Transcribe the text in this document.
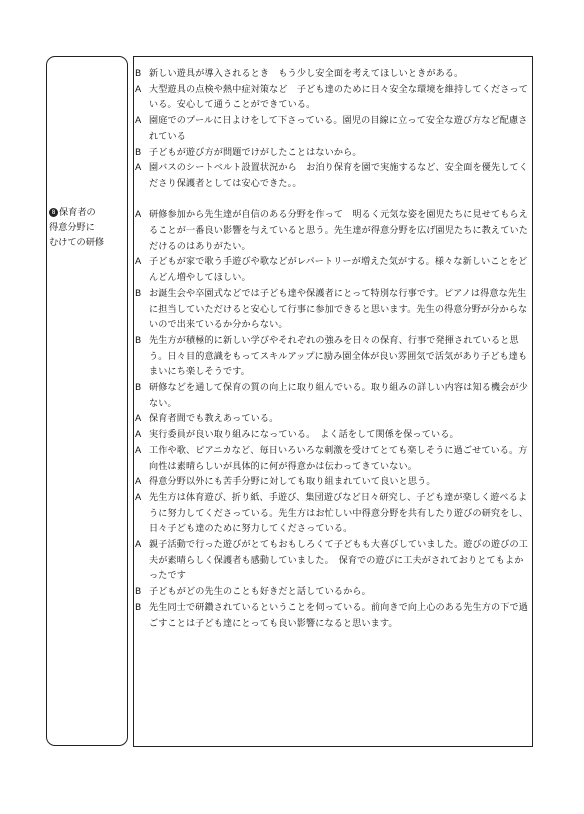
8 保育者の
得意分野に
むけての研修
B 新しい遊具が導入されるとき　もう少し安全面を考えてほしいときがある。
A 大型遊具の点検や熱中症対策など　子ども達のために日々安全な環境を維持してくださっている。安心して通うことができている。
A 園庭でのプールに日よけをして下さっている。園児の目線に立って安全な遊び方など配慮されている
B 子どもが遊び方が問題でけがしたことはないから。
A 園バスのシートベルト設置状況から　お泊り保育を園で実施するなど、安全面を優先してくださり保護者としては安心できた。。
A 研修参加から先生達が自信のある分野を作って　明るく元気な姿を園児たちに見せてもらえることが一番良い影響を与えていると思う。先生達が得意分野を広げ園児たちに教えていただけるのはありがたい。
A 子どもが家で歌う手遊びや歌などがレパートリーが増えた気がする。様々な新しいことをどんどん増やしてほしい。
B お誕生会や卒園式などでは子ども達や保護者にとって特別な行事です。ピアノは得意な先生に担当していただけると安心して行事に参加できると思います。先生の得意分野が分からないので出来ているか分からない。
B 先生方が積極的に新しい学びやそれぞれの強みを日々の保育、行事で発揮されていると思う。日々目的意識をもってスキルアップに励み園全体が良い雰囲気で活気があり子ども達もまいにち楽しそうです。
B 研修などを通して保育の質の向上に取り組んでいる。取り組みの詳しい内容は知る機会が少ない。
A 保育者間でも教えあっている。
A 実行委員が良い取り組みになっている。　よく話をして関係を保っている。
A 工作や歌、ピアニカなど、毎日いろいろな刺激を受けてとても楽しそうに過ごせている。方向性は素晴らしいが具体的に何が得意かは伝わってきていない。
A 得意分野以外にも苦手分野に対しても取り組まれていて良いと思う。
A 先生方は体育遊び、折り紙、手遊び、集団遊びなど日々研究し、子ども達が楽しく遊べるように努力してくださっている。先生方はお忙しい中得意分野を共有したり遊びの研究をし、日々子ども達のために努力してくださっている。
A 親子活動で行った遊びがとてもおもしろくて子どもも大喜びしていました。遊びの遊びの工夫が素晴らしく保護者も感動していました。　保育での遊びに工夫がされておりとてもよかったです
B 子どもがどの先生のことも好きだと話しているから。
B 先生同士で研鑽されているということを伺っている。前向きで向上心のある先生方の下で過ごすことは子ども達にとっても良い影響になると思います。
